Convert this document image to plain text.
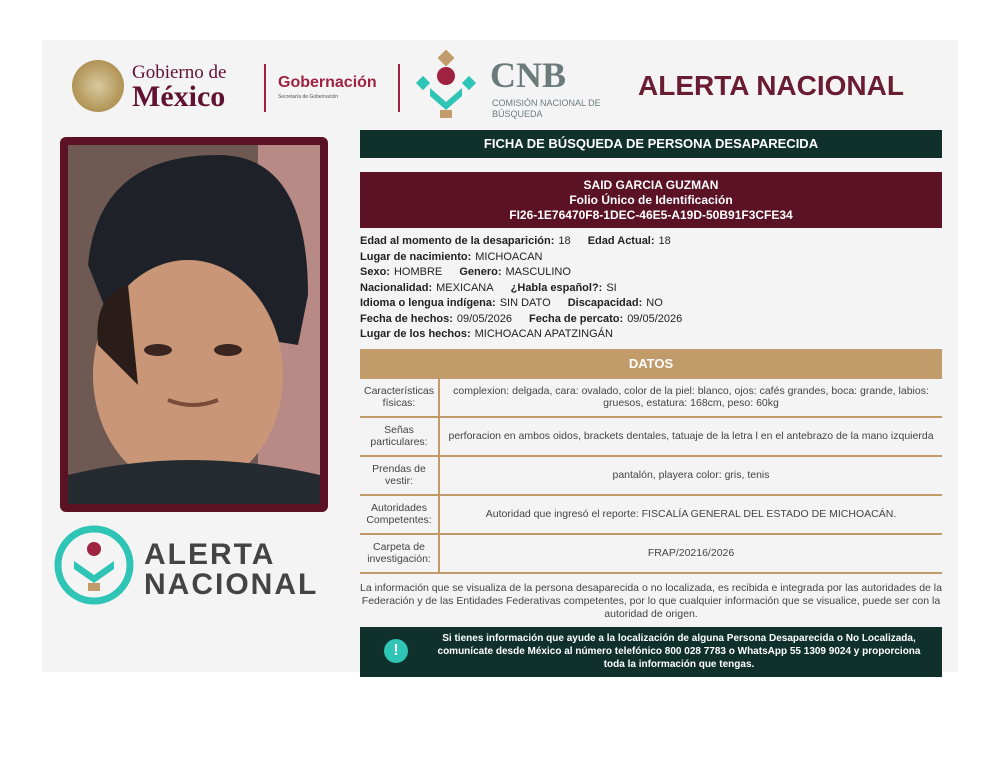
Gobierno de
México	Gobernación
Secretaría de Gobernación
CNB
COMISIÓN NACIONAL DE BÚSQUEDA
ALERTA NACIONAL
ALERTA
NACIONAL
FICHA DE BÚSQUEDA DE PERSONA DESAPARECIDA
SAID GARCIA GUZMAN
Folio Único de Identificación
FI26-1E76470F8-1DEC-46E5-A19D-50B91F3CFE34
Edad al momento de la desaparición: 18 Edad Actual: 18
Lugar de nacimiento: MICHOACAN
Sexo: HOMBRE Genero: MASCULINO
Nacionalidad: MEXICANA ¿Habla español?: SI
Idioma o lengua indígena: SIN DATO Discapacidad: NO
Fecha de hechos: 09/05/2026 Fecha de percato: 09/05/2026
Lugar de los hechos: MICHOACAN APATZINGÁN
DATOS
Características físicas:	complexion: delgada, cara: ovalado, color de la piel: blanco, ojos: cafés grandes, boca: grande, labios: gruesos, estatura: 168cm, peso: 60kg
Señas particulares:	perforacion en ambos oidos, brackets dentales, tatuaje de la letra l en el antebrazo de la mano izquierda
Prendas de vestir:	pantalón, playera color: gris, tenis
Autoridades Competentes:	Autoridad que ingresó el reporte: FISCALÍA GENERAL DEL ESTADO DE MICHOACÁN.
Carpeta de investigación:	FRAP/20216/2026
La información que se visualiza de la persona desaparecida o no localizada, es recibida e integrada por las autoridades de la Federación y de las Entidades Federativas competentes, por lo que cualquier información que se visualice, puede ser con la autoridad de origen.
!
Si tienes información que ayude a la localización de alguna Persona Desaparecida o No Localizada, comunícate desde México al número telefónico 800 028 7783 o WhatsApp 55 1309 9024 y proporciona toda la información que tengas.
